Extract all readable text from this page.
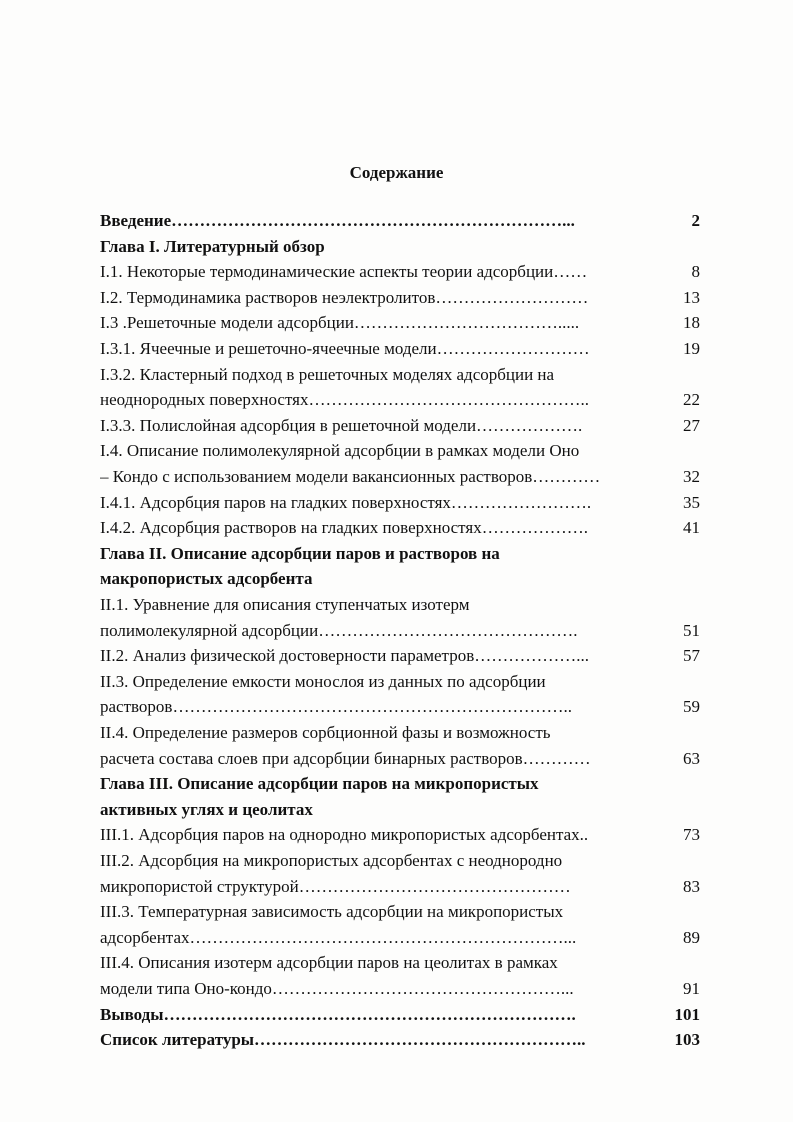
Содержание
Введение……………………………………………………………...	2
Глава I. Литературный обзор
I.1. Некоторые термодинамические аспекты теории адсорбции……	8
I.2. Термодинамика растворов неэлектролитов………………………	13
I.3 .Решеточные модели адсорбции……………………………….....	18
I.3.1. Ячеечные и решеточно-ячеечные модели………………………	19
I.3.2. Кластерный подход в решеточных моделях адсорбции на
неоднородных поверхностях…………………………………………..	22
I.3.3. Полислойная адсорбция в решеточной модели……………….	27
I.4. Описание полимолекулярной адсорбции в рамках модели Оно
– Кондо с использованием модели вакансионных растворов…………	32
I.4.1. Адсорбция паров на гладких поверхностях…………………….	35
I.4.2. Адсорбция растворов на гладких поверхностях……………….	41
Глава II. Описание адсорбции паров и растворов на
макропористых адсорбента
II.1. Уравнение для описания ступенчатых изотерм
полимолекулярной адсорбции……………………………………….	51
II.2. Анализ физической достоверности параметров………………...	57
II.3. Определение емкости монослоя из данных по адсорбции
растворов……………………………………………………………..	59
II.4. Определение размеров сорбционной фазы и возможность
расчета состава слоев при адсорбции бинарных растворов…………	63
Глава III. Описание адсорбции паров на микропористых
активных углях и цеолитах
III.1. Адсорбция паров на однородно микропористых адсорбентах..	73
III.2. Адсорбция на микропористых адсорбентах с неоднородно
микропористой структурой…………………………………………	83
III.3. Температурная зависимость адсорбции на микропористых
адсорбентах…………………………………………………………...	89
III.4. Описания изотерм адсорбции паров на цеолитах в рамках
модели типа Оно-кондо……………………………………………...	91
Выводы……………………………………………………………….	101
Список литературы…………………………………………………..	103
